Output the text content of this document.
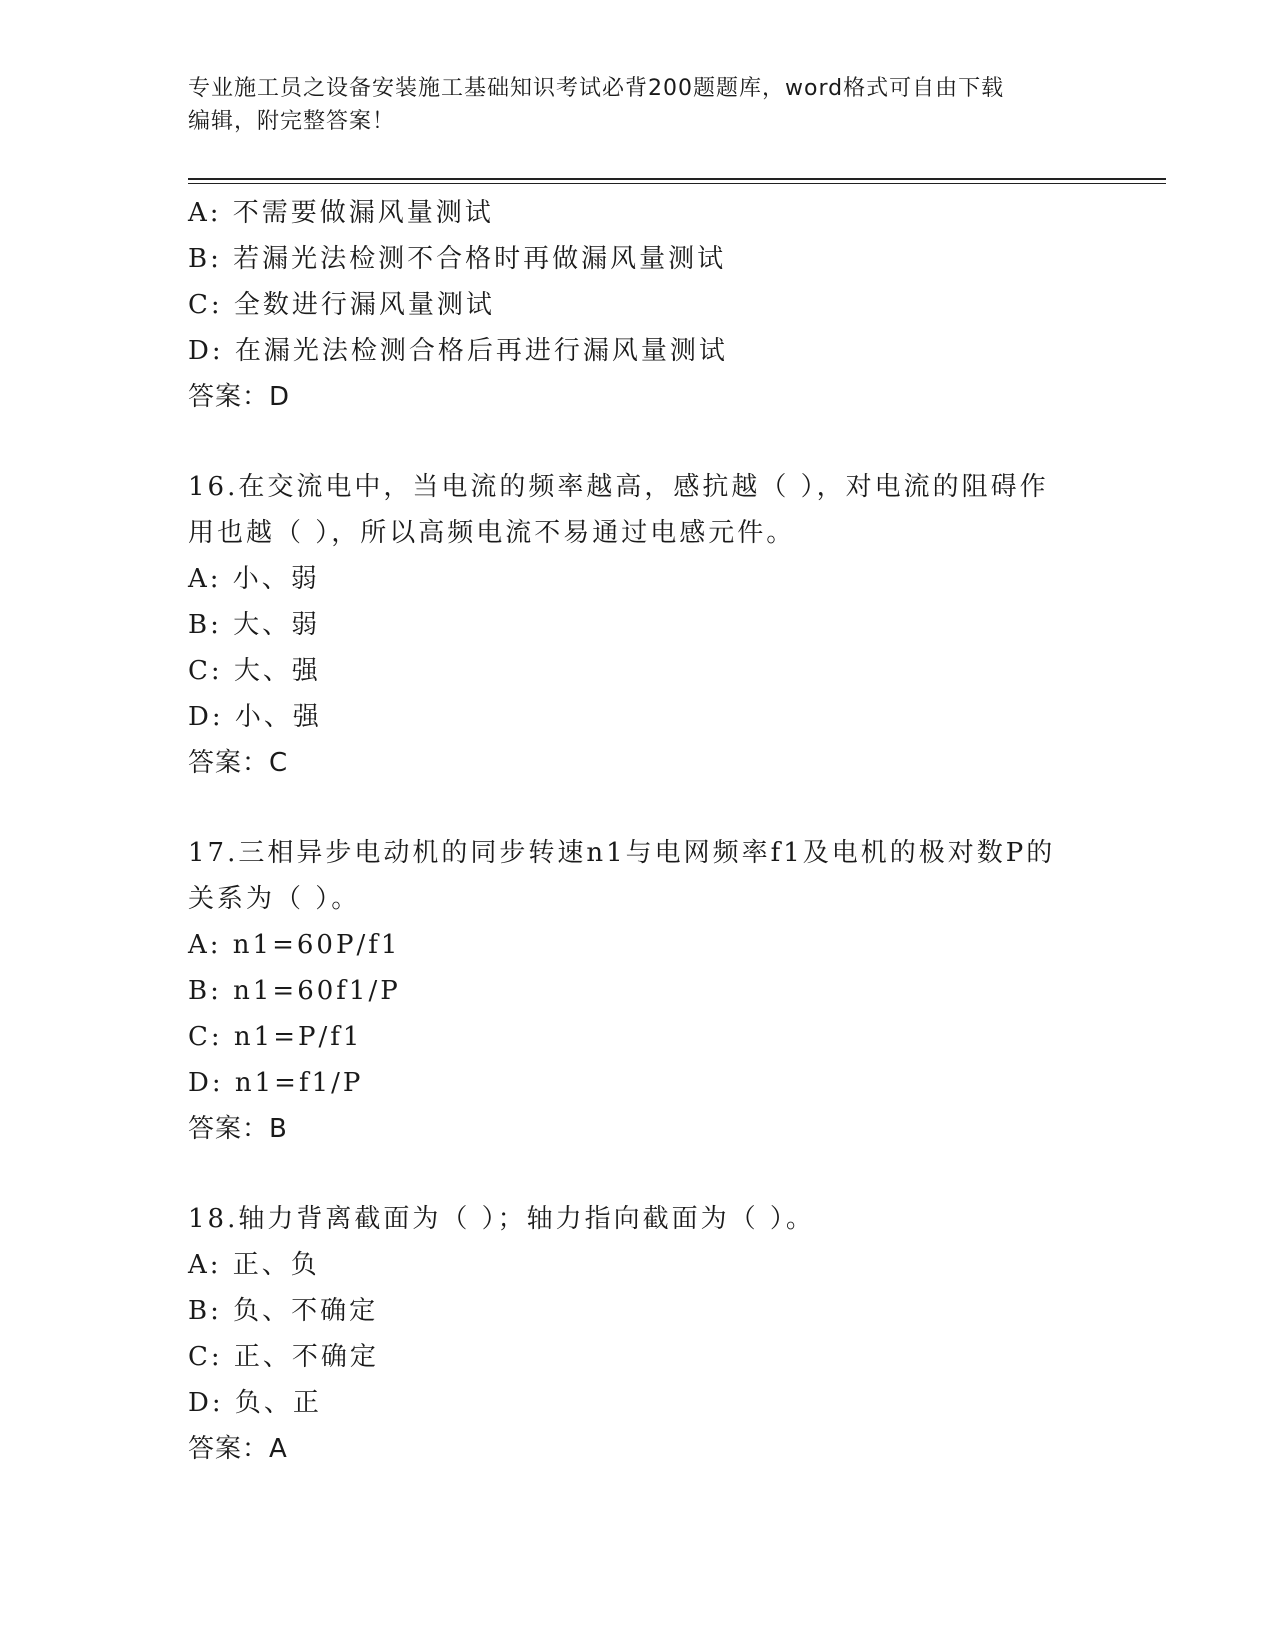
专业施工员之设备安装施工基础知识考试必背200题题库，word格式可自由下载
编辑，附完整答案！
A: 不需要做漏风量测试
B: 若漏光法检测不合格时再做漏风量测试
C: 全数进行漏风量测试
D: 在漏光法检测合格后再进行漏风量测试
答案：D
16.在交流电中，当电流的频率越高，感抗越（ ），对电流的阻碍作
用也越（ ），所以高频电流不易通过电感元件。
A: 小、弱
B: 大、弱
C: 大、强
D: 小、强
答案：C
17.三相异步电动机的同步转速n1与电网频率f1及电机的极对数P的
关系为（ ）。
A: n1=60P/f1
B: n1=60f1/P
C: n1=P/f1
D: n1=f1/P
答案：B
18.轴力背离截面为（ ）；轴力指向截面为（ ）。
A: 正、负
B: 负、不确定
C: 正、不确定
D: 负、正
答案：A
